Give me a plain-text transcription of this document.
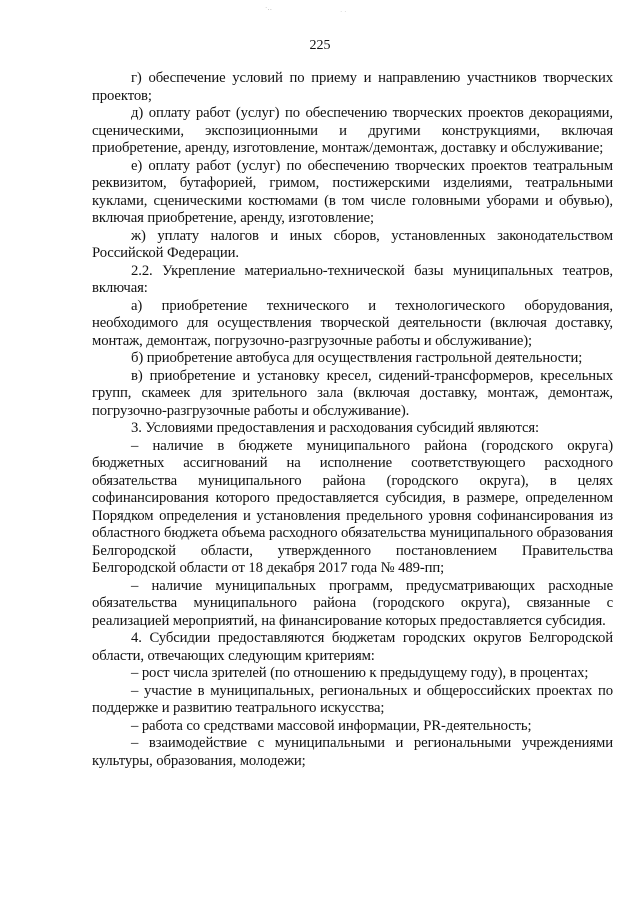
·‥	· ·
225

г) обеспечение условий по приему и направлению участников творческих проектов;

д) оплату работ (услуг) по обеспечению творческих проектов декорациями, сценическими, экспозиционными и другими конструкциями, включая приобретение, аренду, изготовление, монтаж/демонтаж, доставку и обслуживание;

е) оплату работ (услуг) по обеспечению творческих проектов театральным реквизитом, бутафорией, гримом, постижерскими изделиями, театральными куклами, сценическими костюмами (в том числе головными уборами и обувью), включая приобретение, аренду, изготовление;

ж) уплату налогов и иных сборов, установленных законодательством Российской Федерации.

2.2. Укрепление материально-технической базы муниципальных театров, включая:

а) приобретение технического и технологического оборудования, необходимого для осуществления творческой деятельности (включая доставку, монтаж, демонтаж, погрузочно-разгрузочные работы и обслуживание);

б) приобретение автобуса для осуществления гастрольной деятельности;

в) приобретение и установку кресел, сидений-трансформеров, кресельных групп, скамеек для зрительного зала (включая доставку, монтаж, демонтаж, погрузочно-разгрузочные работы и обслуживание).

3. Условиями предоставления и расходования субсидий являются:

– наличие в бюджете муниципального района (городского округа) бюджетных ассигнований на исполнение соответствующего расходного обязательства муниципального района (городского округа), в целях софинансирования которого предоставляется субсидия, в размере, определенном Порядком определения и установления предельного уровня софинансирования из областного бюджета объема расходного обязательства муниципального образования Белгородской области, утвержденного постановлением Правительства Белгородской области от 18 декабря 2017 года № 489-пп;

– наличие муниципальных программ, предусматривающих расходные обязательства муниципального района (городского округа), связанные с реализацией мероприятий, на финансирование которых предоставляется субсидия.

4. Субсидии предоставляются бюджетам городских округов Белгородской области, отвечающих следующим критериям:

– рост числа зрителей (по отношению к предыдущему году), в процентах;

– участие в муниципальных, региональных и общероссийских проектах по поддержке и развитию театрального искусства;

– работа со средствами массовой информации, PR-деятельность;

– взаимодействие с муниципальными и региональными учреждениями культуры, образования, молодежи;
